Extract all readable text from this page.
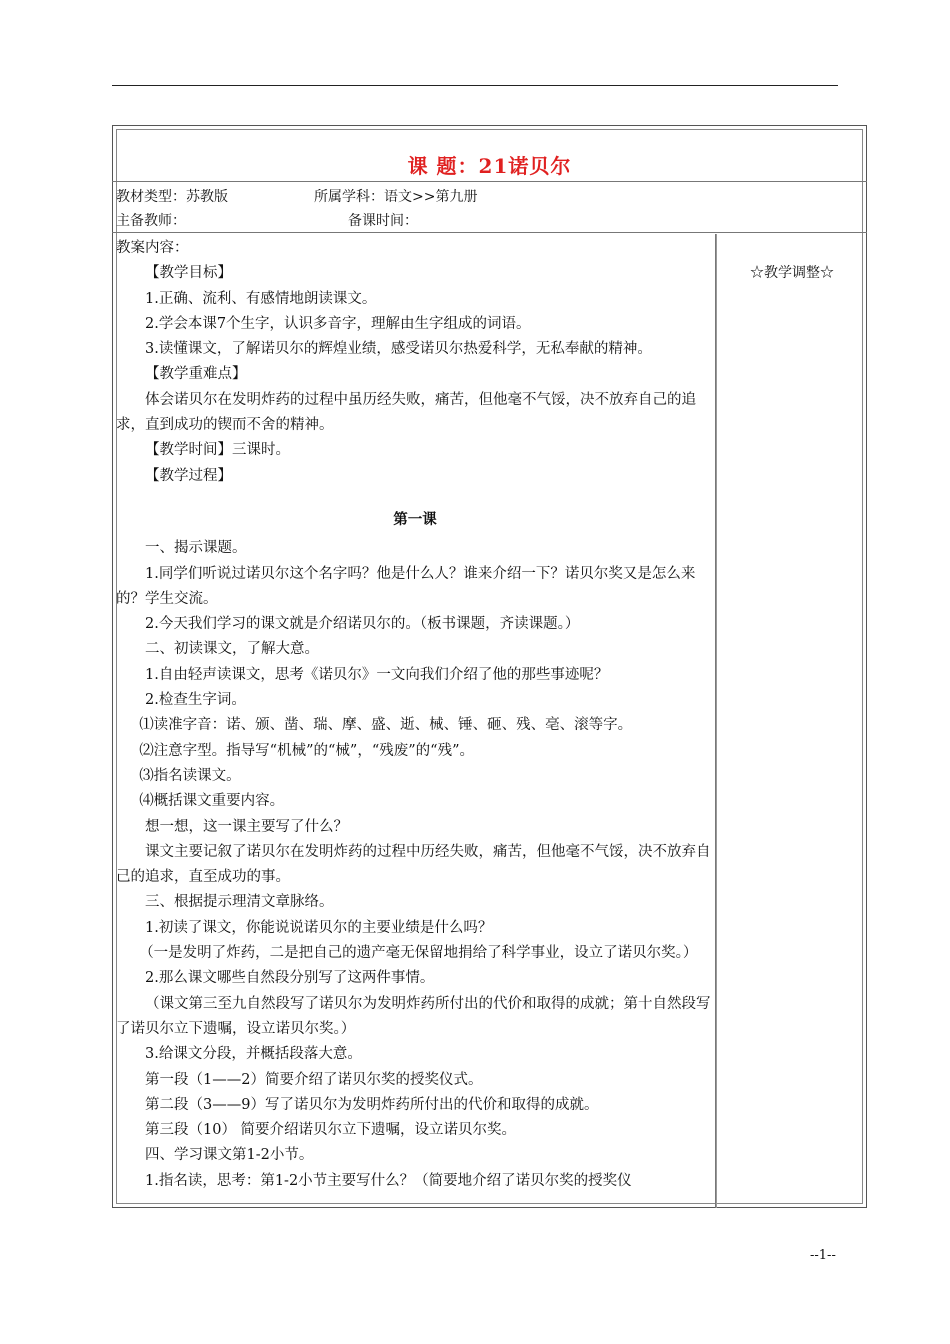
课 题：21诺贝尔
教材类型：苏教版	所属学科：语文>>第九册
主备教师：	备课时间：
☆教学调整☆

教案内容：

【教学目标】

1.正确、流利、有感情地朗读课文。

2.学会本课7个生字，认识多音字，理解由生字组成的词语。

3.读懂课文，了解诺贝尔的辉煌业绩，感受诺贝尔热爱科学，无私奉献的精神。

【教学重难点】

体会诺贝尔在发明炸药的过程中虽历经失败，痛苦，但他毫不气馁，决不放弃自己的追求，直到成功的锲而不舍的精神。

【教学时间】三课时。

【教学过程】

第一课

一、揭示课题。

1.同学们听说过诺贝尔这个名字吗？他是什么人？谁来介绍一下？诺贝尔奖又是怎么来的？学生交流。

2.今天我们学习的课文就是介绍诺贝尔的。（板书课题，齐读课题。）

二、初读课文，了解大意。

1.自由轻声读课文，思考《诺贝尔》一文向我们介绍了他的那些事迹呢？

2.检查生字词。

⑴读准字音：诺、颁、凿、瑞、摩、盛、逝、械、锤、砸、残、亳、滚等字。

⑵注意字型。指导写“机械”的“械”，“残废”的“残”。

⑶指名读课文。

⑷概括课文重要内容。

想一想，这一课主要写了什么？

课文主要记叙了诺贝尔在发明炸药的过程中历经失败，痛苦，但他毫不气馁，决不放弃自己的追求，直至成功的事。

三、根据提示理清文章脉络。

1.初读了课文，你能说说诺贝尔的主要业绩是什么吗？

（一是发明了炸药，二是把自己的遗产毫无保留地捐给了科学事业，设立了诺贝尔奖。）

2.那么课文哪些自然段分别写了这两件事情。

（课文第三至九自然段写了诺贝尔为发明炸药所付出的代价和取得的成就；第十自然段写了诺贝尔立下遗嘱，设立诺贝尔奖。）

3.给课文分段，并概括段落大意。

第一段（1——2）简要介绍了诺贝尔奖的授奖仪式。

第二段（3——9）写了诺贝尔为发明炸药所付出的代价和取得的成就。

第三段（10） 简要介绍诺贝尔立下遗嘱，设立诺贝尔奖。

四、学习课文第1-2小节。

1.指名读，思考：第1-2小节主要写什么？（简要地介绍了诺贝尔奖的授奖仪

--1--
